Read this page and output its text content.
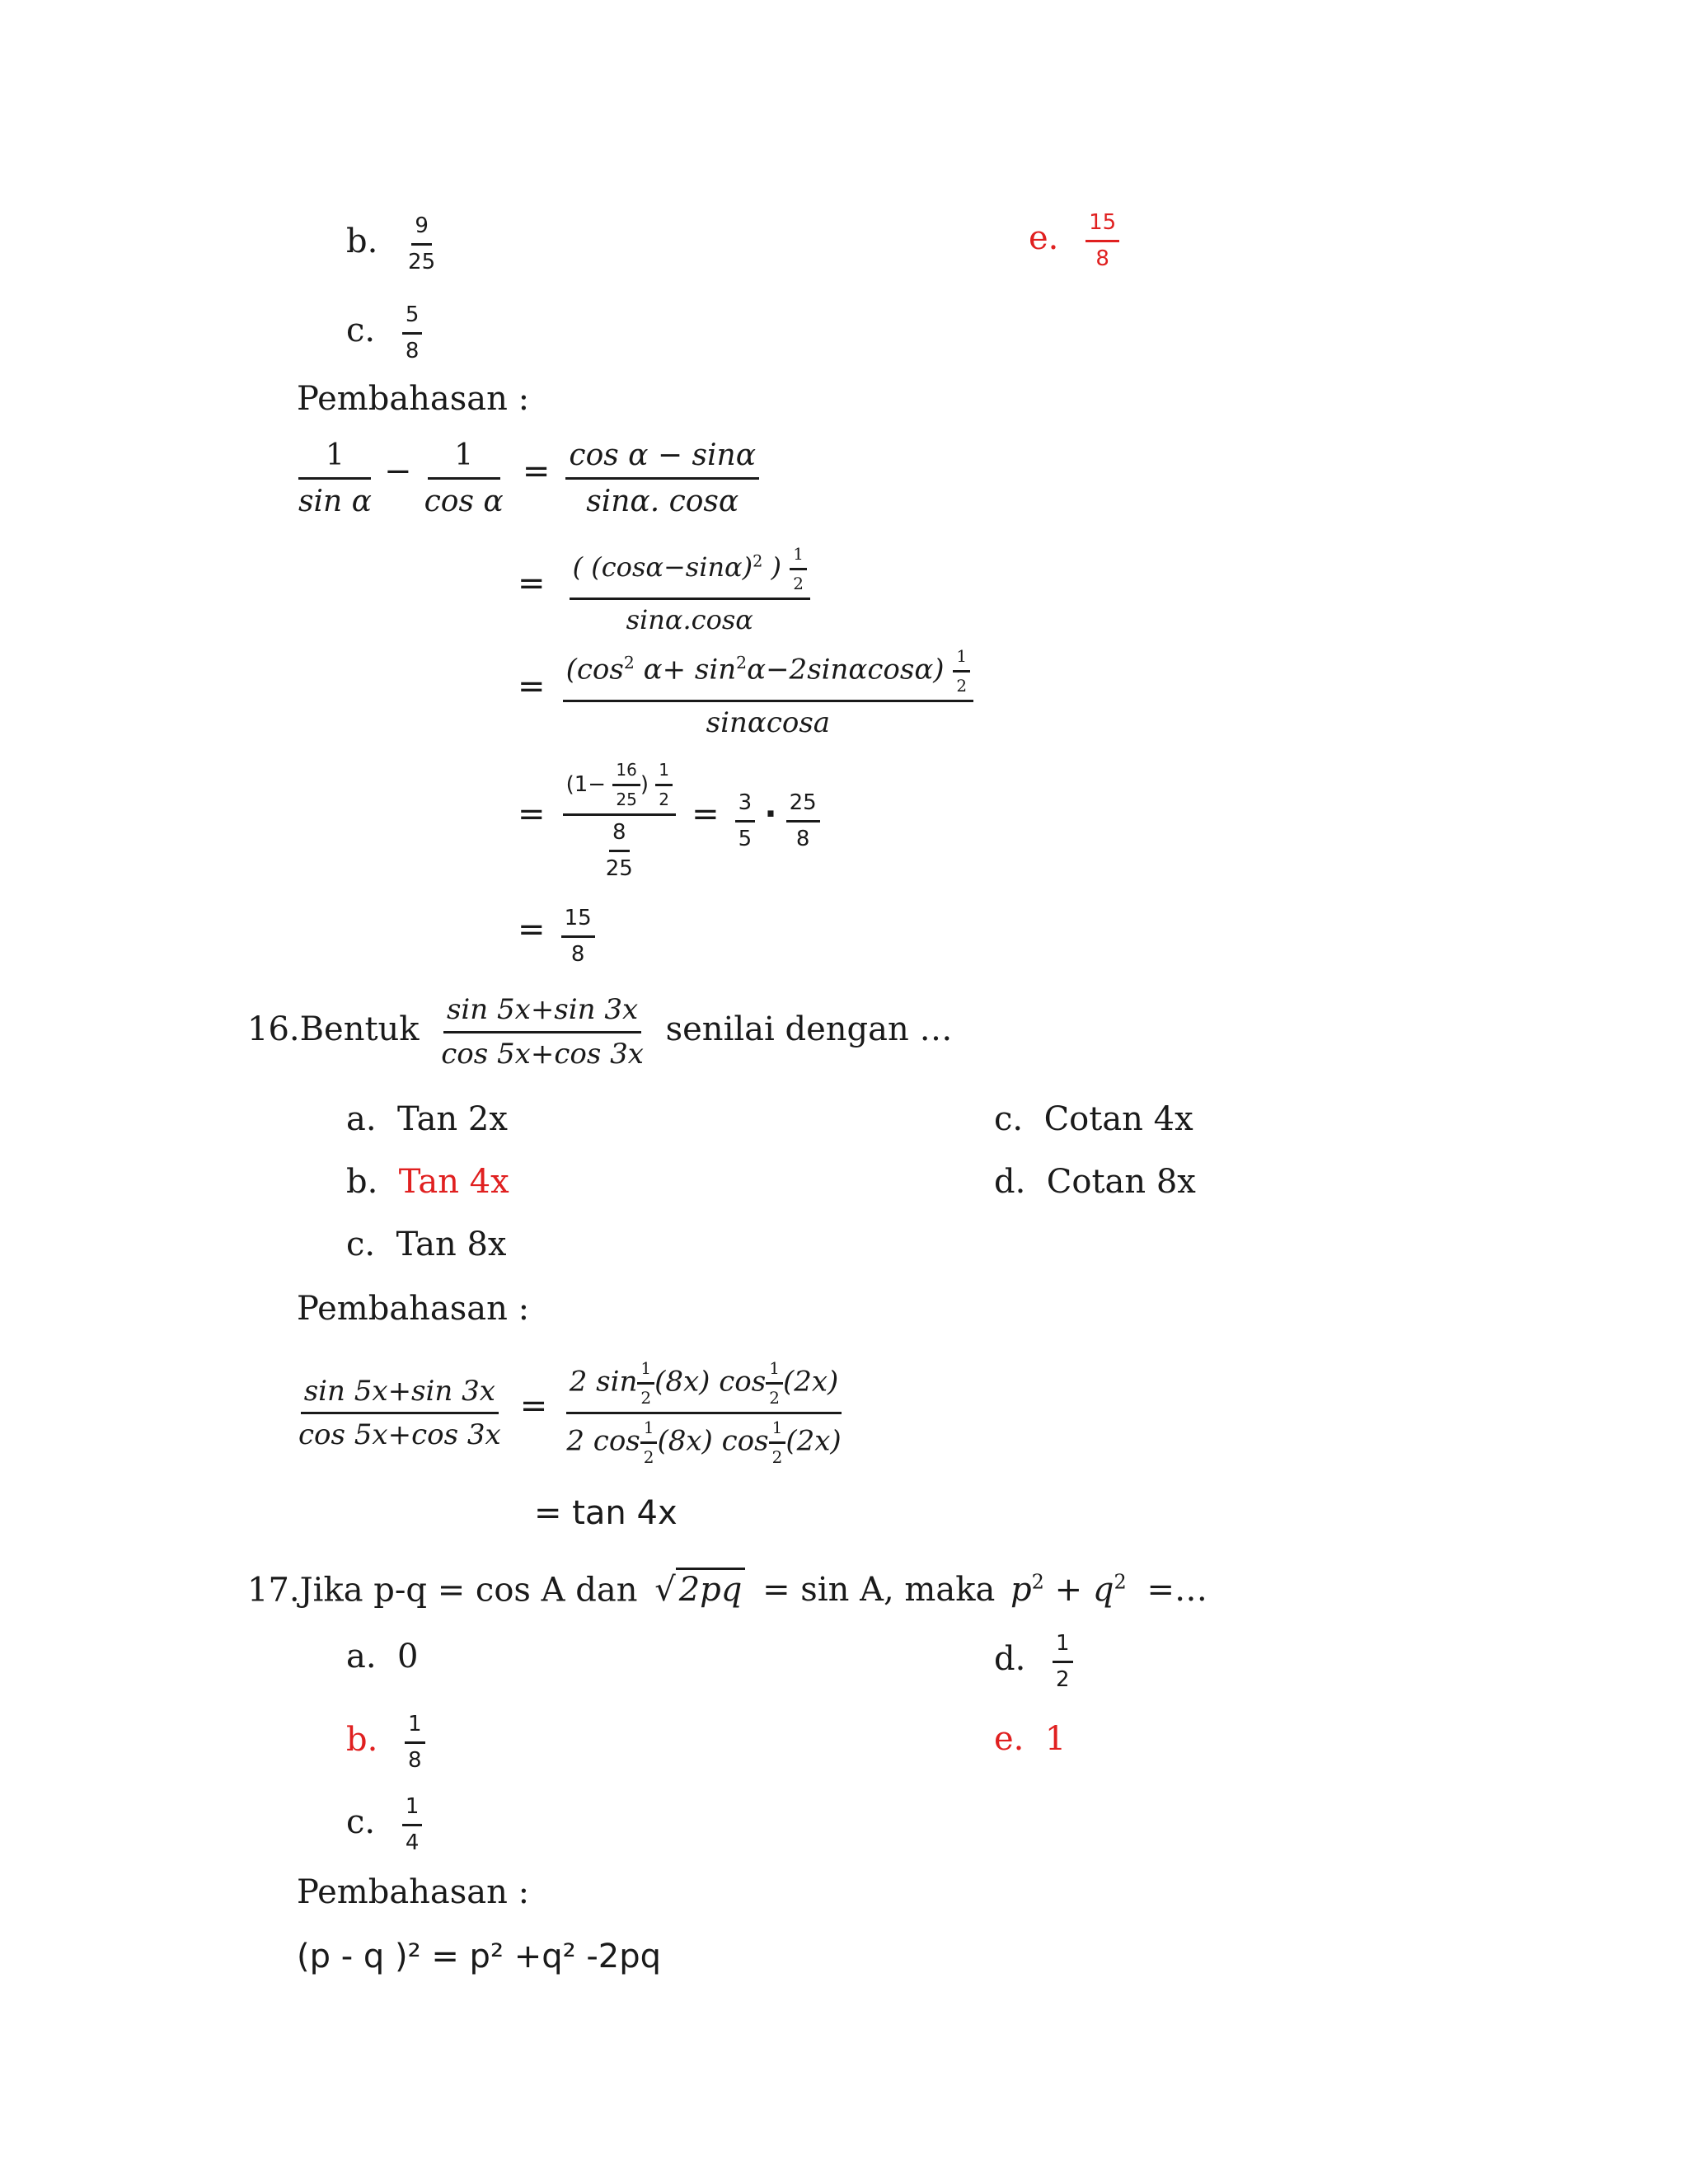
b. $\frac{9}{25}$	e. $\frac{15}{8}$
c. $\frac{5}{8}$
Pembahasan :
$\frac{1}{\text{sin α}} - \frac{1}{\text{cos α}} = \frac{\text{cos α − sinα}}{\sin\alpha. \cos\alpha}$
= $\frac{( (\cos\alpha-\sin\alpha)^2 ) \frac{1}{2}}{\sin\alpha.\cos\alpha}$
= $\frac{(\cos^2 \alpha+ \sin^2\alpha-2\sin\alpha\cos\alpha) \frac{1}{2}}{\sin\alpha\cos a}$
=
($1- \frac{16}{25}$ ) $\frac{1}{2}$
$\frac{8}{25}$
= $\frac{3}{5} \cdot \frac{25}{8}$
= $\frac{15}{8}$
16.Bentuk $\frac{\sin 5x+\sin 3x}{\cos 5x+\cos 3x}$ senilai dengan …
a. Tan 2x	c. Cotan 4x
b. Tan 4x	d. Cotan 8x
c. Tan 8x
Pembahasan :
$\frac{\sin 5x+\sin 3x}{\cos 5x+\cos 3x} = \frac{2 \sin \frac{1}{2} (8x) \cos \frac{1}{2} (2x)}{2 \cos \frac{1}{2} (8x) \cos \frac{1}{2} (2x)}$
= tan 4x
17.Jika p-q = cos A dan √ 2pq = sin A, maka $p^2 + q^2$ =…
a. 0	d. $\frac{1}{2}$
b. $\frac{1}{8}$	e. 1
c. $\frac{1}{4}$
Pembahasan :
(p - q )² = p² +q² -2pq
